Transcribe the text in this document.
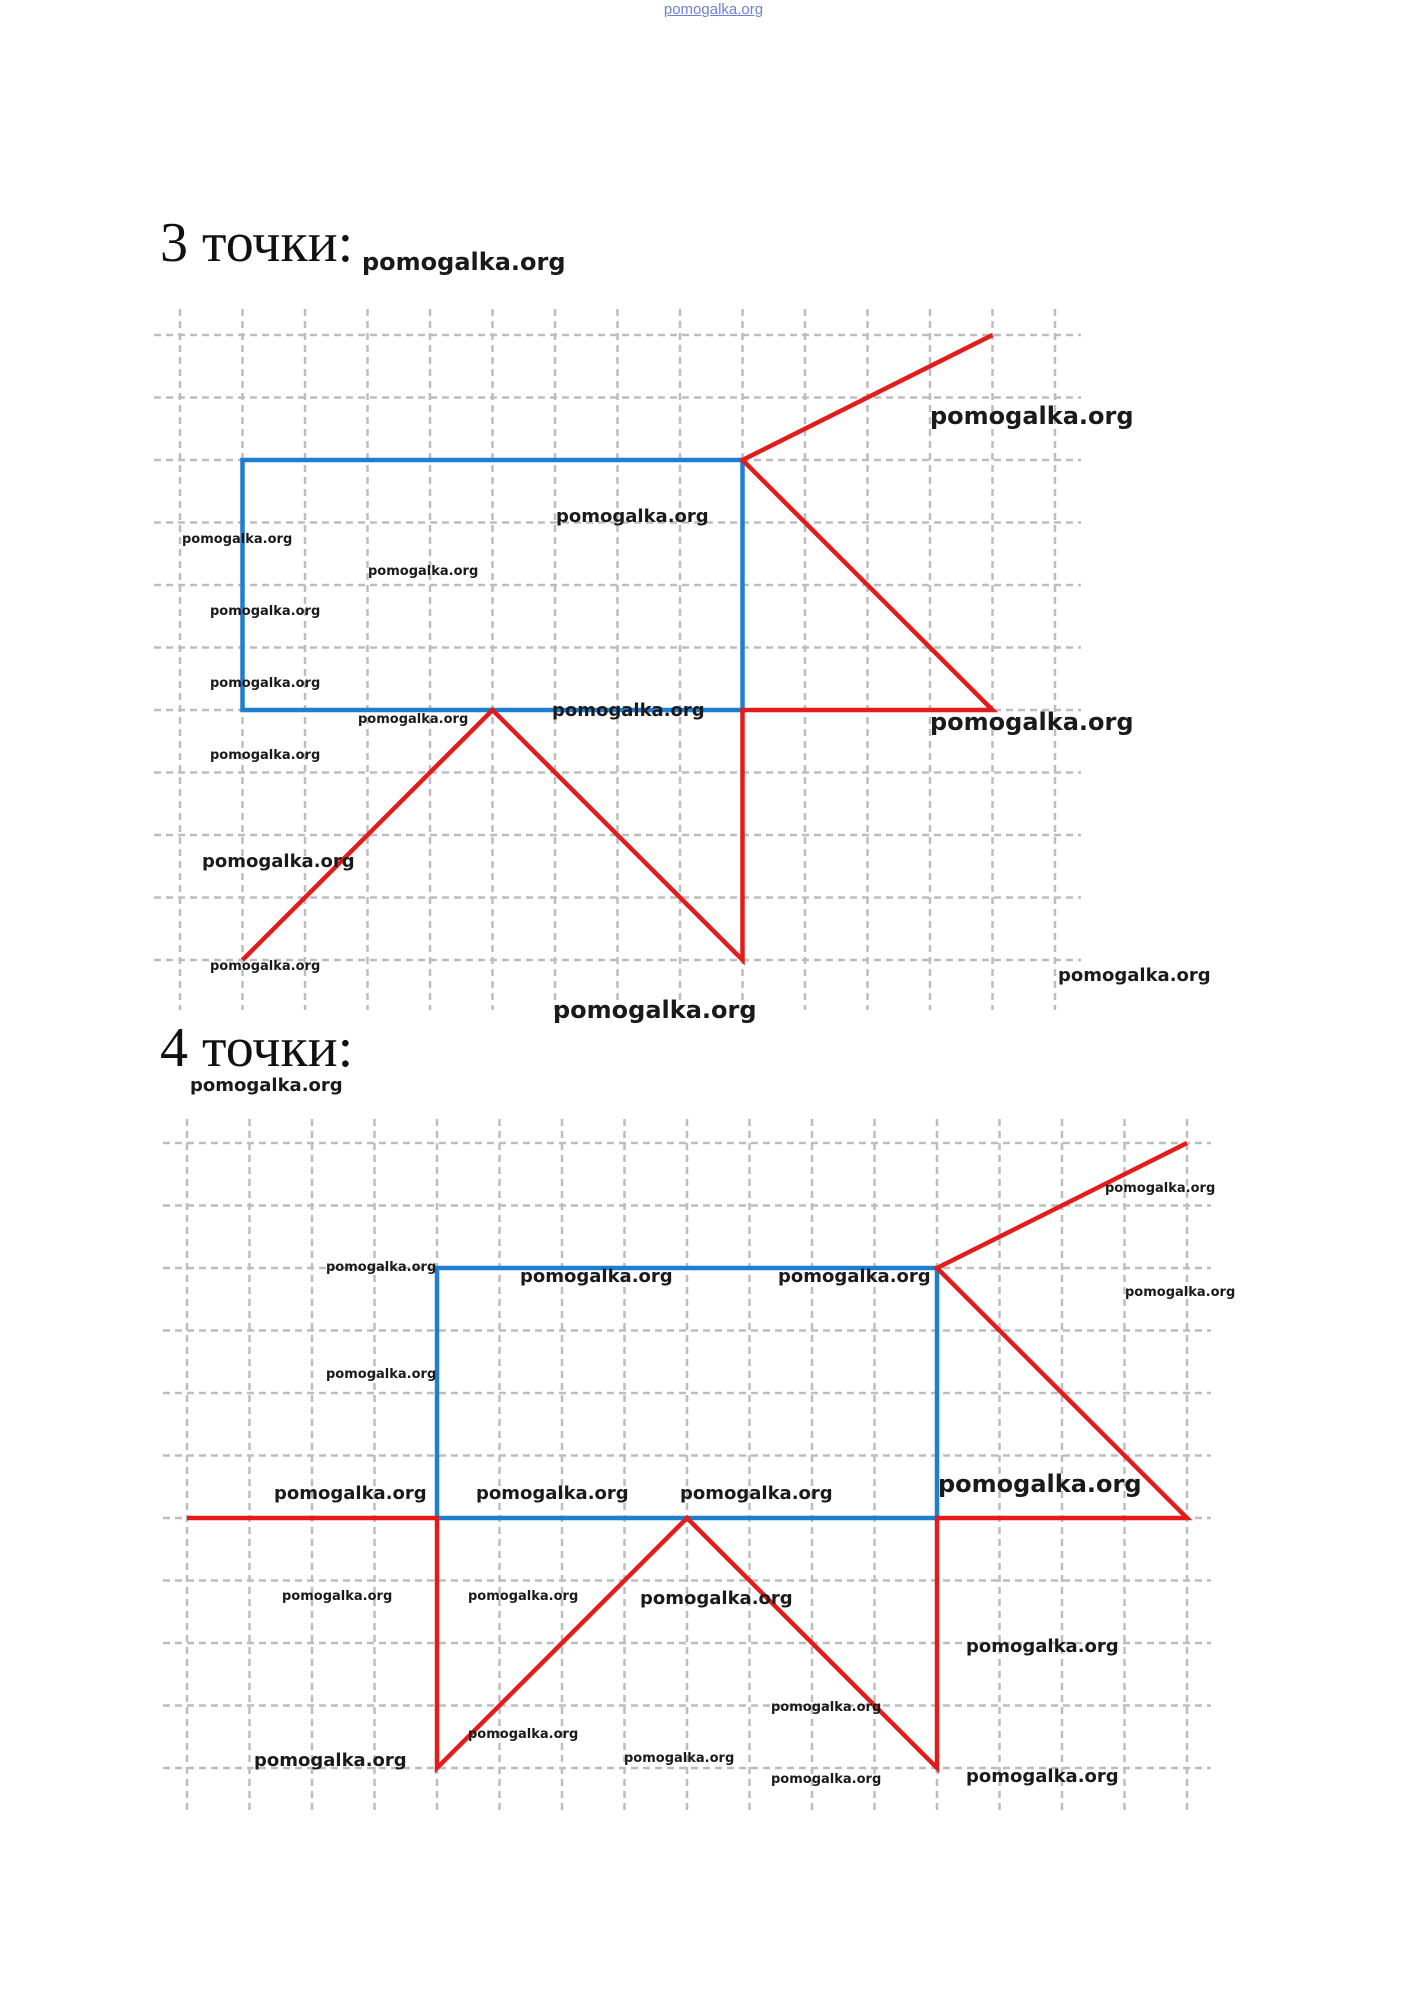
pomogalka.org
3 точки:
4 точки:
pomogalka.org
pomogalka.org
pomogalka.org
pomogalka.org
pomogalka.org
pomogalka.org
pomogalka.org
pomogalka.org
pomogalka.org
pomogalka.org
pomogalka.org
pomogalka.org
pomogalka.org	pomogalka.org
pomogalka.org
pomogalka.org
pomogalka.org
pomogalka.org	pomogalka.org	pomogalka.org
pomogalka.org
pomogalka.org
pomogalka.org	pomogalka.org	pomogalka.org	pomogalka.org
pomogalka.org	pomogalka.org	pomogalka.org
pomogalka.org
pomogalka.org
pomogalka.org
pomogalka.org	pomogalka.org
pomogalka.org	pomogalka.org
